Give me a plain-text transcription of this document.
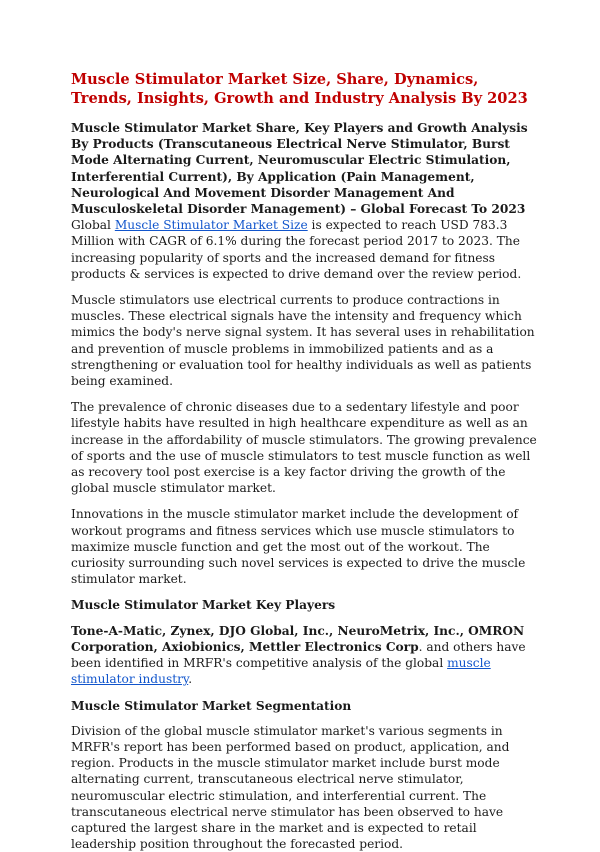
Muscle Stimulator Market Size, Share, Dynamics, Trends, Insights, Growth and Industry Analysis By 2023
Muscle Stimulator Market Share, Key Players and Growth Analysis By Products (Transcutaneous Electrical Nerve Stimulator, Burst Mode Alternating Current, Neuromuscular Electric Stimulation, Interferential Current), By Application (Pain Management, Neurological And Movement Disorder Management And Musculoskeletal Disorder Management) – Global Forecast To 2023

Global Muscle Stimulator Market Size is expected to reach USD 783.3 Million with CAGR of 6.1% during the forecast period 2017 to 2023. The increasing popularity of sports and the increased demand for fitness products & services is expected to drive demand over the review period.

Muscle stimulators use electrical currents to produce contractions in muscles. These electrical signals have the intensity and frequency which mimics the body's nerve signal system. It has several uses in rehabilitation and prevention of muscle problems in immobilized patients and as a strengthening or evaluation tool for healthy individuals as well as patients being examined.

The prevalence of chronic diseases due to a sedentary lifestyle and poor lifestyle habits have resulted in high healthcare expenditure as well as an increase in the affordability of muscle stimulators. The growing prevalence of sports and the use of muscle stimulators to test muscle function as well as recovery tool post exercise is a key factor driving the growth of the global muscle stimulator market.

Innovations in the muscle stimulator market include the development of workout programs and fitness services which use muscle stimulators to maximize muscle function and get the most out of the workout. The curiosity surrounding such novel services is expected to drive the muscle stimulator market.

Muscle Stimulator Market Key Players

Tone-A-Matic, Zynex, DJO Global, Inc., NeuroMetrix, Inc., OMRON Corporation, Axiobionics, Mettler Electronics Corp. and others have been identified in MRFR's competitive analysis of the global muscle stimulator industry.

Muscle Stimulator Market Segmentation

Division of the global muscle stimulator market's various segments in MRFR's report has been performed based on product, application, and region. Products in the muscle stimulator market include burst mode alternating current, transcutaneous electrical nerve stimulator, neuromuscular electric stimulation, and interferential current. The transcutaneous electrical nerve stimulator has been observed to have captured the largest share in the market and is expected to retail leadership position throughout the forecasted period.
